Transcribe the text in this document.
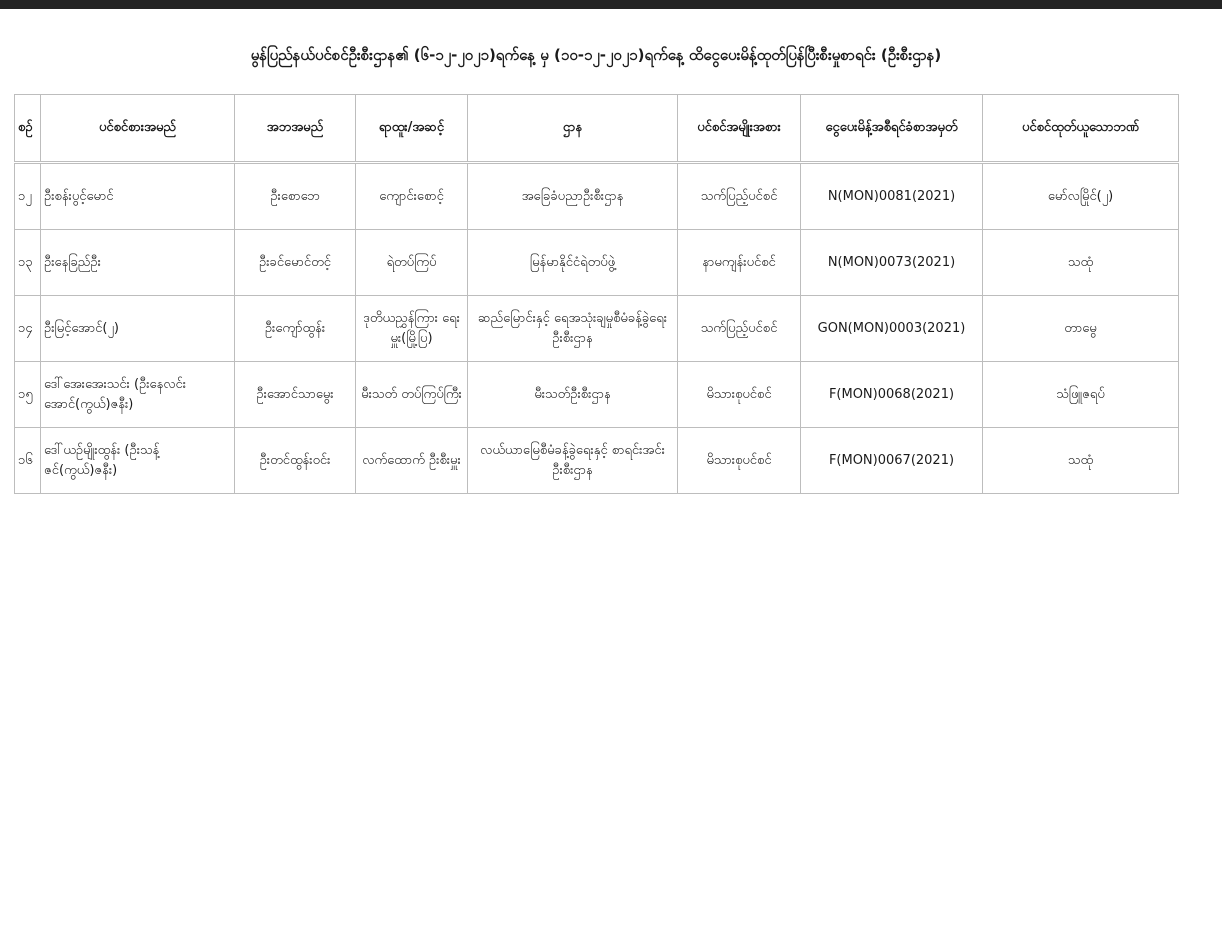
မွန်ပြည်နယ်ပင်စင်ဦးစီးဌာန၏ (၆-၁၂-၂၀၂၁)ရက်နေ့ မှ (၁၀-၁၂-၂၀၂၁)ရက်နေ့ ထိငွေပေးမိန့်ထုတ်ပြန်ပြီးစီးမှုစာရင်း (ဦးစီးဌာန)
စဉ်	ပင်စင်စားအမည်	အဘအမည်	ရာထူး/အဆင့်	ဌာန	ပင်စင်အမျိုးအစား	ငွေပေးမိန့်အစီရင်ခံစာအမှတ်	ပင်စင်ထုတ်ယူသောဘဏ်
၁၂	ဦးစန်းပွင့်မောင်	ဦးစောဘေ	ကျောင်းစောင့်	အခြေခံပညာဦးစီးဌာန	သက်ပြည့်ပင်စင်	N(MON)0081(2021)	မော်လမြိုင်(၂)
၁၃	ဦးနေခြည်ဦး	ဦးခင်မောင်တင့်	ရဲတပ်ကြပ်	မြန်မာနိုင်ငံရဲတပ်ဖွဲ့	နာမကျန်းပင်စင်	N(MON)0073(2021)	သထုံ
၁၄	ဦးမြင့်အောင်(၂)	ဦးကျော်ထွန်း	ဒုတိယညွှန်ကြား ရေးမှူး(မြို့ပြ)	ဆည်မြောင်းနှင့် ရေအသုံးချမှုစီမံခန့်ခွဲရေးဦးစီးဌာန	သက်ပြည့်ပင်စင်	GON(MON)0003(2021)	တာမွေ
၁၅	ဒေါ်အေးအေးသင်း (ဦးနေလင်းအောင်(ကွယ်)ဇနီး)	ဦးအောင်သာမွေး	မီးသတ် တပ်ကြပ်ကြီး	မီးသတ်ဦးစီးဌာန	မိသားစုပင်စင်	F(MON)0068(2021)	သံဖြူဇရပ်
၁၆	ဒေါ်ယဉ်မျိုးထွန်း (ဦးသန့်ဇင်(ကွယ်)ဇနီး)	ဦးတင်ထွန်းဝင်း	လက်ထောက် ဦးစီးမှူး	လယ်ယာမြေစီမံခန့်ခွဲရေးနှင့် စာရင်းအင်းဦးစီးဌာန	မိသားစုပင်စင်	F(MON)0067(2021)	သထုံ
